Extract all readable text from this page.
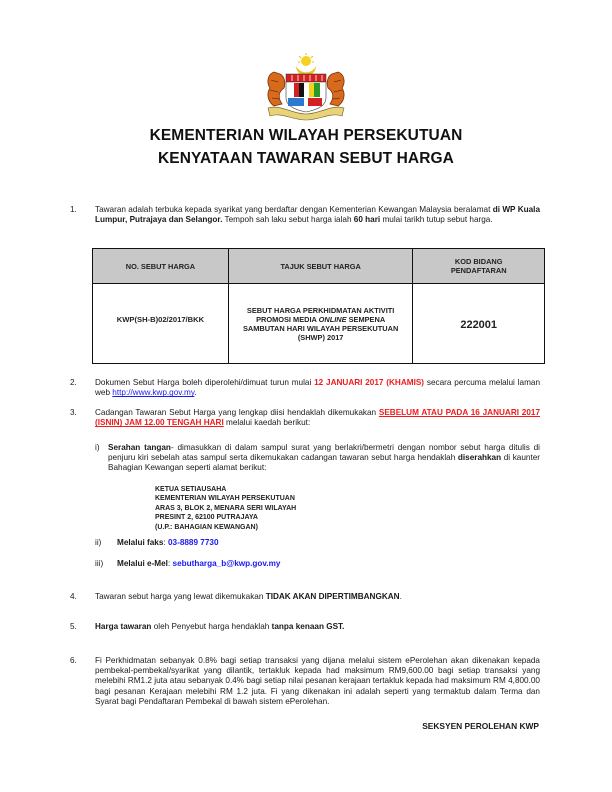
KEMENTERIAN WILAYAH PERSEKUTUAN
KENYATAAN TAWARAN SEBUT HARGA
1. Tawaran adalah terbuka kepada syarikat yang berdaftar dengan Kementerian Kewangan Malaysia beralamat di WP Kuala Lumpur, Putrajaya dan Selangor. Tempoh sah laku sebut harga ialah 60 hari mulai tarikh tutup sebut harga.
NO. SEBUT HARGA	TAJUK SEBUT HARGA	KOD BIDANG PENDAFTARAN
KWP(SH-B)02/2017/BKK	SEBUT HARGA PERKHIDMATAN AKTIVITI PROMOSI MEDIA ONLINE SEMPENA SAMBUTAN HARI WILAYAH PERSEKUTUAN (SHWP) 2017	222001
2. Dokumen Sebut Harga boleh diperolehi/dimuat turun mulai 12 JANUARI 2017 (KHAMIS) secara percuma melalui laman web http://www.kwp.gov.my.
3. Cadangan Tawaran Sebut Harga yang lengkap diisi hendaklah dikemukakan SEBELUM ATAU PADA 16 JANUARI 2017 (ISNIN) JAM 12.00 TENGAH HARI melalui kaedah berikut:
i) Serahan tangan- dimasukkan di dalam sampul surat yang berlakri/bermetri dengan nombor sebut harga ditulis di penjuru kiri sebelah atas sampul serta dikemukakan cadangan tawaran sebut harga hendaklah diserahkan di kaunter Bahagian Kewangan seperti alamat berikut:
KETUA SETIAUSAHA
KEMENTERIAN WILAYAH PERSEKUTUAN
ARAS 3, BLOK 2, MENARA SERI WILAYAH
PRESINT 2, 62100 PUTRAJAYA
(U.P.: BAHAGIAN KEWANGAN)
ii) Melalui faks: 03-8889 7730
iii) Melalui e-Mel: sebutharga_b@kwp.gov.my
4. Tawaran sebut harga yang lewat dikemukakan TIDAK AKAN DIPERTIMBANGKAN.
5. Harga tawaran oleh Penyebut harga hendaklah tanpa kenaan GST.
6. Fi Perkhidmatan sebanyak 0.8% bagi setiap transaksi yang dijana melalui sistem ePerolehan akan dikenakan kepada pembekal-pembekal/syarikat yang dilantik, tertakluk kepada had maksimum RM9,600.00 bagi setiap transaksi yang melebihi RM1.2 juta atau sebanyak 0.4% bagi setiap nilai pesanan kerajaan tertakluk kepada had maksimum RM 4,800.00 bagi pesanan Kerajaan melebihi RM 1.2 juta. Fi yang dikenakan ini adalah seperti yang termaktub dalam Terma dan Syarat bagi Pendaftaran Pembekal di bawah sistem ePerolehan.
SEKSYEN PEROLEHAN KWP
